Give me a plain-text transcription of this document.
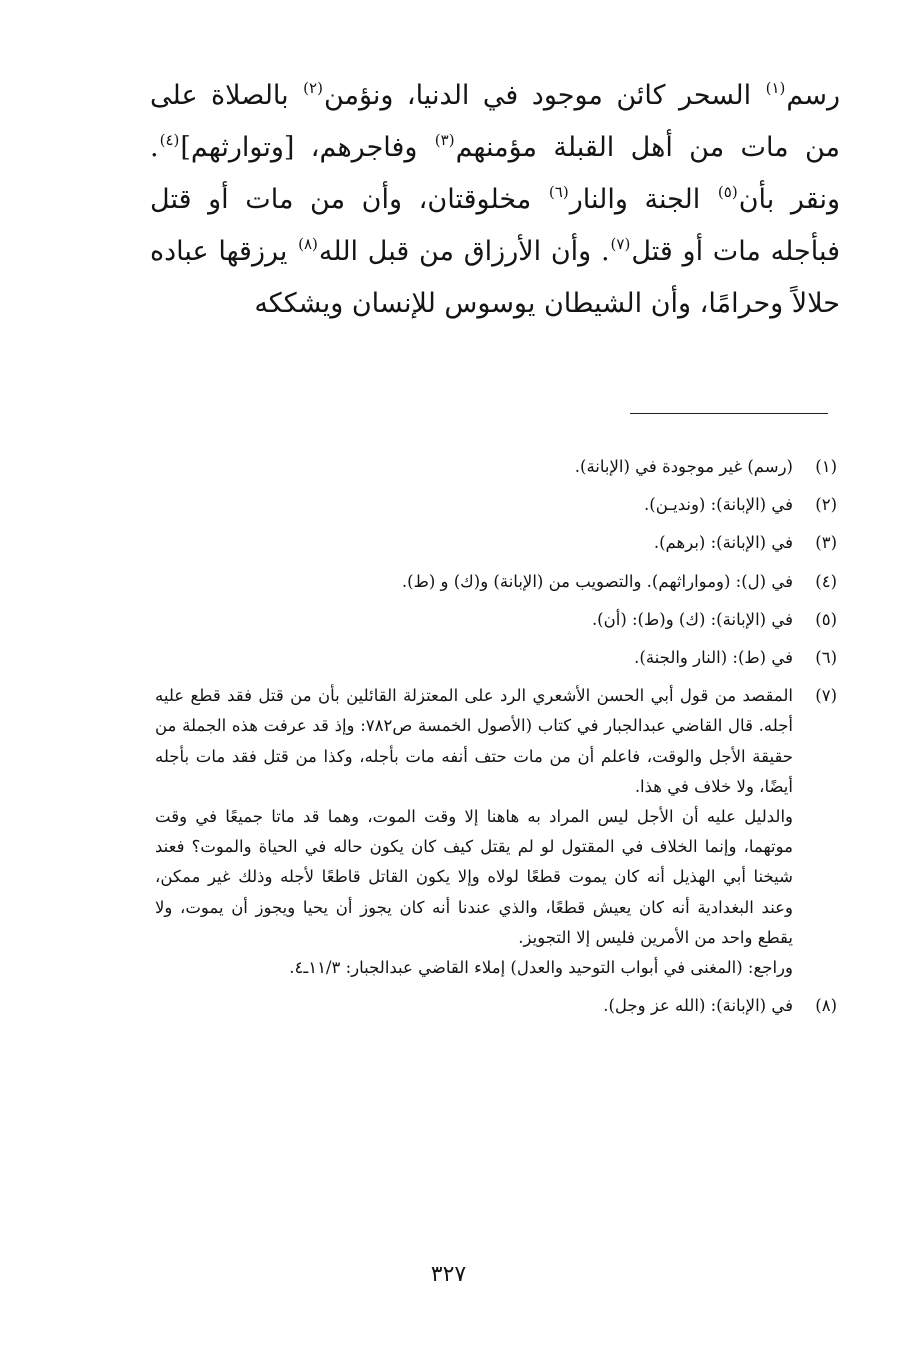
رسم$^{(١)}$ السحر كائن موجود في الدنيا، ونؤمن$^{(٢)}$ بالصلاة على
من مات من أهل القبلة مؤمنهم$^{(٣)}$ وفاجرهم، [وتوارثهم]$^{(٤)}$.
ونقر بأن$^{(٥)}$ الجنة والنار$^{(٦)}$ مخلوقتان، وأن من مات أو قتل
فبأجله مات أو قتل$^{(٧)}$. وأن الأرزاق من قبل الله$^{(٨)}$ يرزقها عباده
حلالاً وحرامًا، وأن الشيطان يوسوس للإنسان ويشككه
(١)

(رسم) غير موجودة في (الإبانة).

(٢)

في (الإبانة): (ونديـن).

(٣)

في (الإبانة): (برهم).

(٤)

في (ل): (ومواراثهم). والتصويب من (الإبانة) و(ك) و (ط).

(٥)

في (الإبانة): (ك) و(ط): (أن).

(٦)

في (ط): (النار والجنة).

(٧)

المقصد من قول أبي الحسن الأشعري الرد على المعتزلة القائلين بأن من قتل فقد قطع عليه أجله. قال القاضي عبدالجبار في كتاب (الأصول الخمسة ص٧٨٢: وإذ قد عرفت هذه الجملة من حقيقة الأجل والوقت، فاعلم أن من مات حتف أنفه مات بأجله، وكذا من قتل فقد مات بأجله أيضًا، ولا خلاف في هذا.

والدليل عليه أن الأجل ليس المراد به هاهنا إلا وقت الموت، وهما قد ماتا جميعًا في وقت موتهما، وإنما الخلاف في المقتول لو لم يقتل كيف كان يكون حاله في الحياة والموت؟ فعند شيخنا أبي الهذيل أنه كان يموت قطعًا لولاه وإلا يكون القاتل قاطعًا لأجله وذلك غير ممكن، وعند البغدادية أنه كان يعيش قطعًا، والذي عندنا أنه كان يجوز أن يحيا ويجوز أن يموت، ولا يقطع واحد من الأمرين فليس إلا التجويز.

وراجع: (المغنى في أبواب التوحيد والعدل) إملاء القاضي عبدالجبار: ١١/٣ـ٤.

(٨)

في (الإبانة): (الله عز وجل).

٣٢٧
